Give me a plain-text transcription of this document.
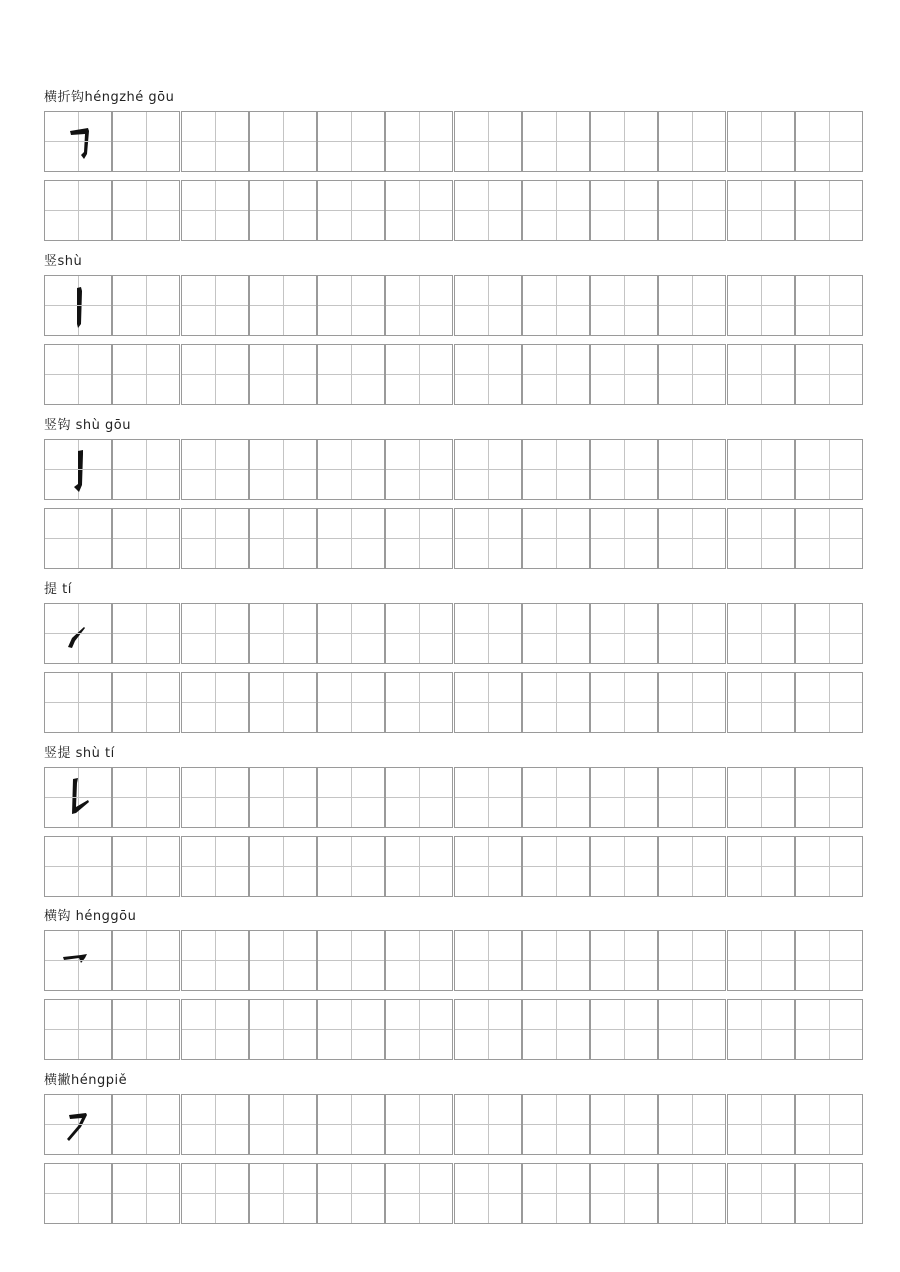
横折钩héngzhé gōu
竖shù
竖钩 shù gōu
提 tí
竖提 shù tí
横钩 hénggōu
横撇héngpiě
